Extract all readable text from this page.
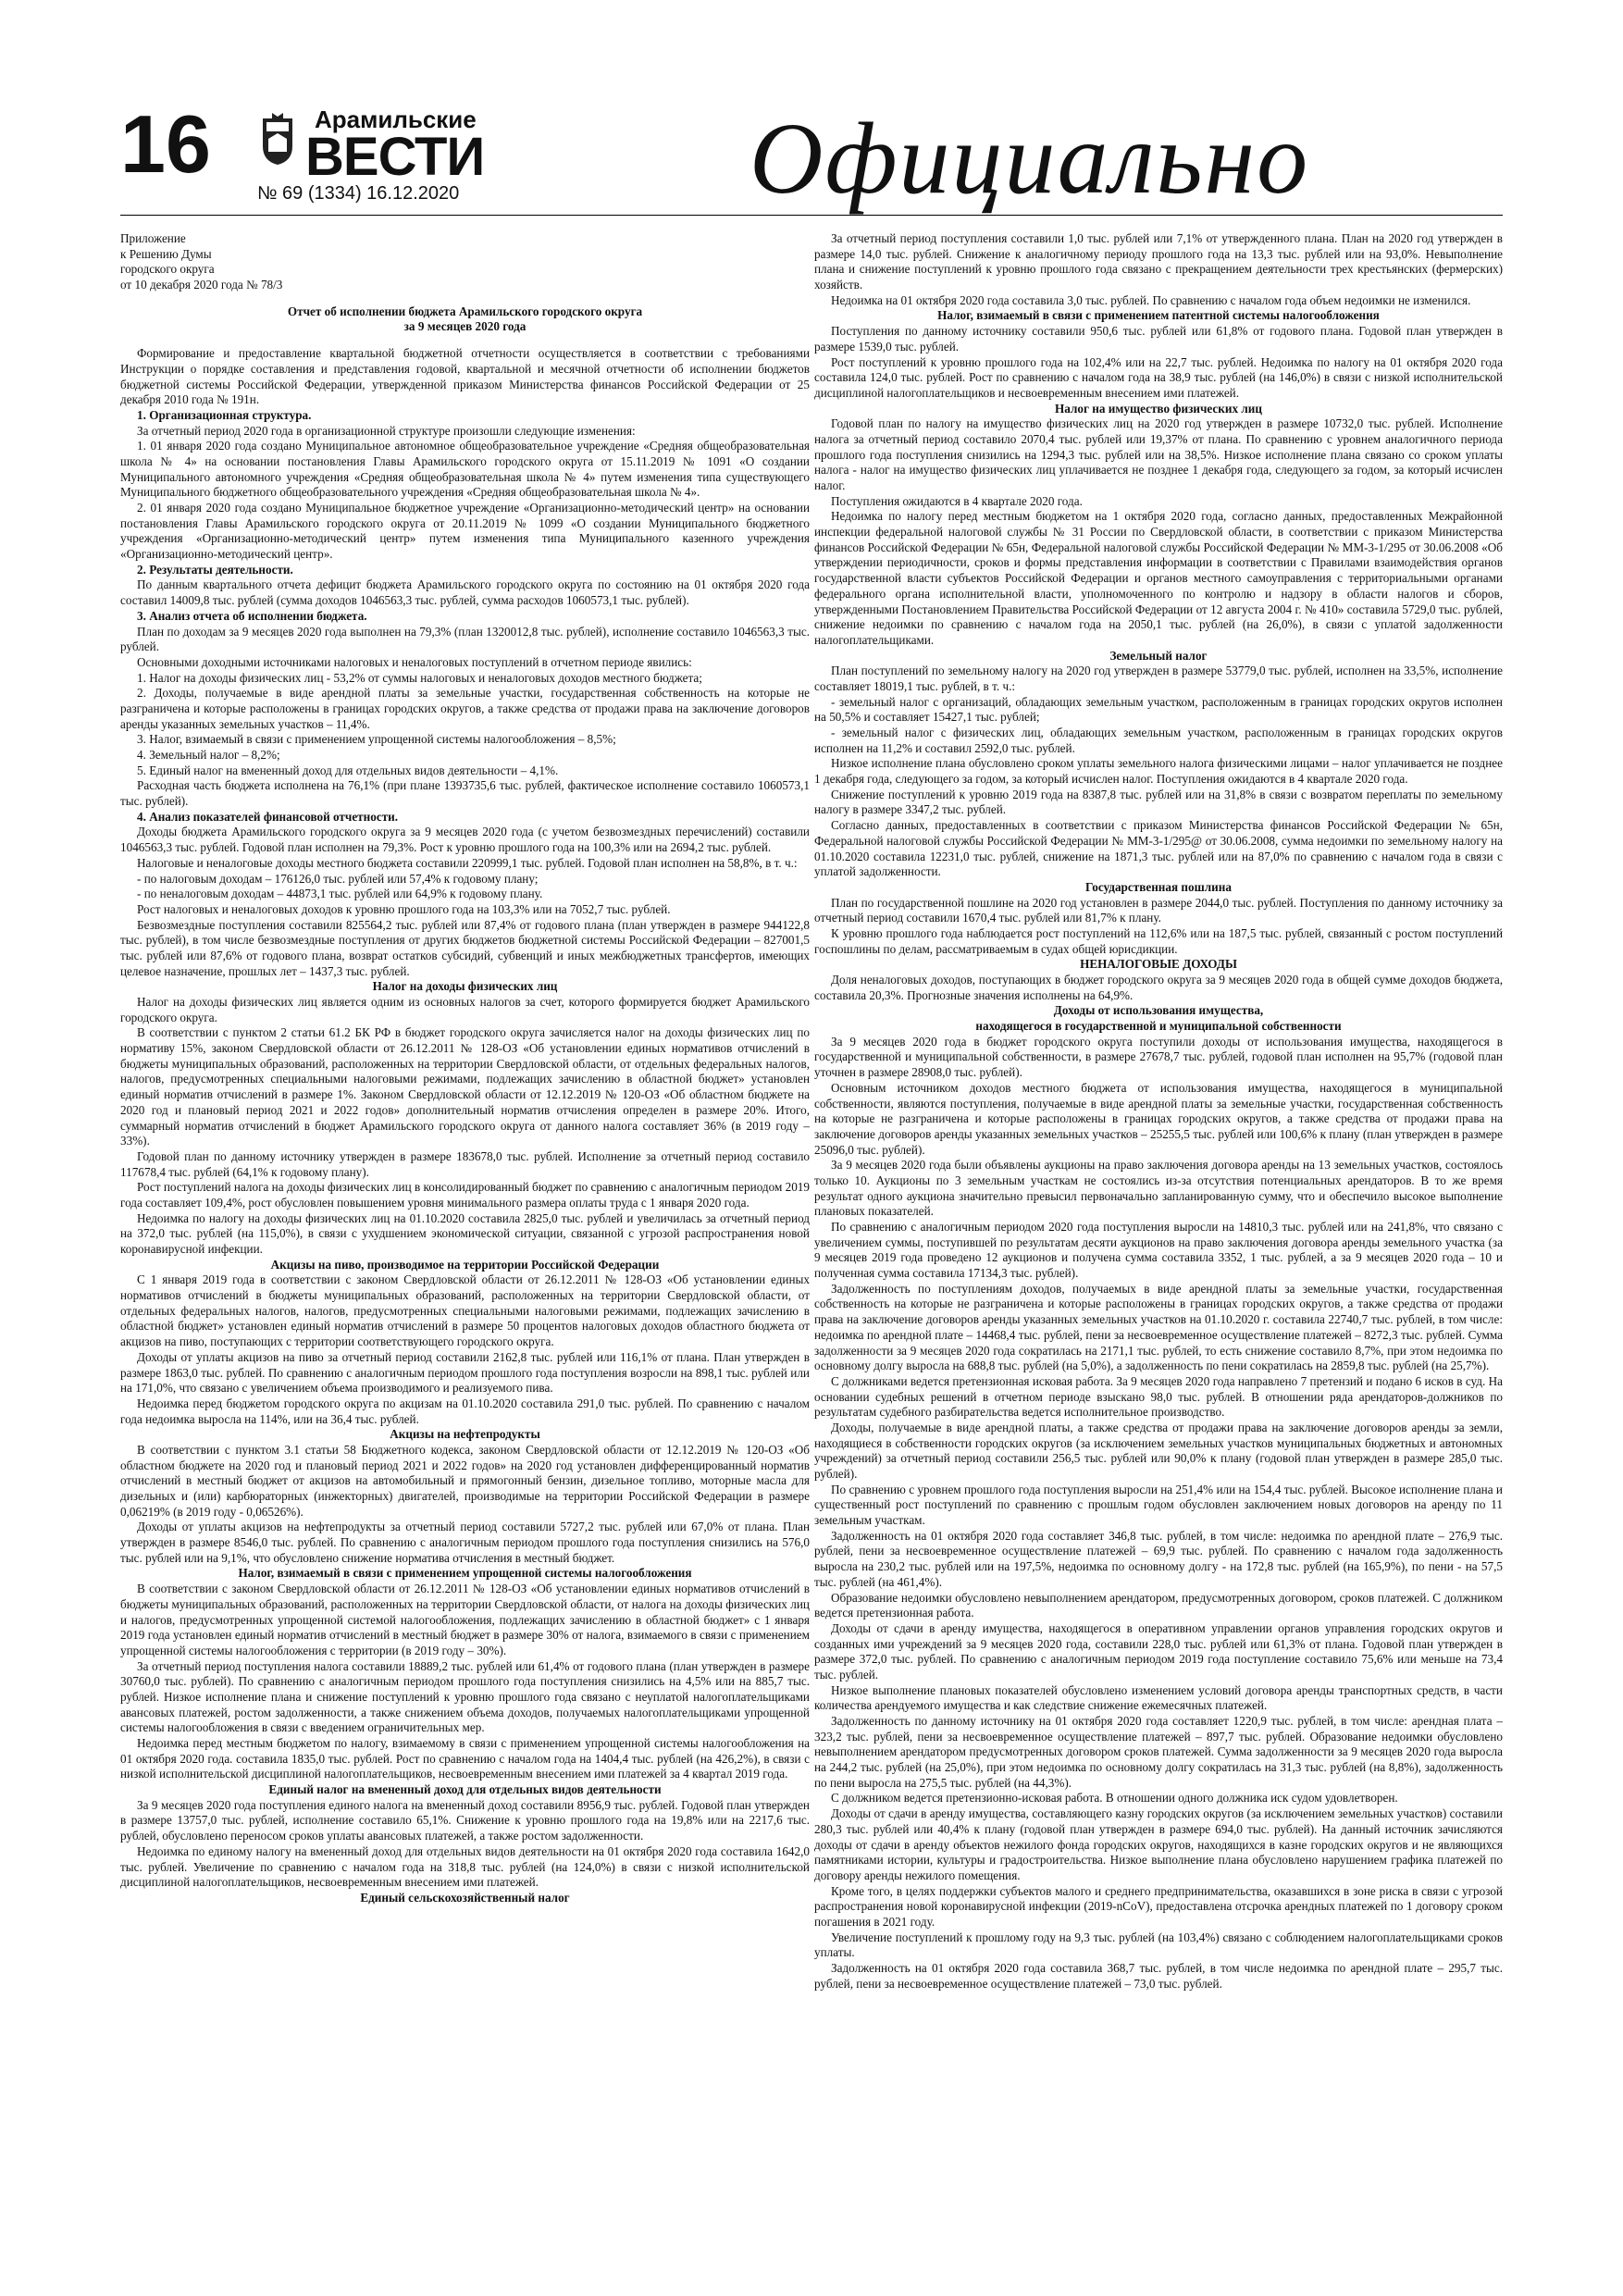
16	Арамильские
ВЕСТИ
№ 69 (1334) 16.12.2020	Официально
Приложение
к Решению Думы
городского округа
от 10 декабря 2020 года № 78/3
Отчет об исполнении бюджета Арамильского городского округа
за 9 месяцев 2020 года

Формирование и предоставление квартальной бюджетной отчетности осуществляется в соответствии с требованиями Инструкции о порядке составления и представления годовой, квартальной и месячной отчетности об исполнении бюджетов бюджетной системы Российской Федерации, утвержденной приказом Министерства финансов Российской Федерации от 25 декабря 2010 года № 191н.

1. Организационная структура.

За отчетный период 2020 года в организационной структуре произошли следующие изменения:

1. 01 января 2020 года создано Муниципальное автономное общеобразовательное учреждение «Средняя общеобразовательная школа № 4» на основании постановления Главы Арамильского городского округа от 15.11.2019 № 1091 «О создании Муниципального автономного учреждения «Средняя общеобразовательная школа № 4» путем изменения типа существующего Муниципального бюджетного общеобразовательного учреждения «Средняя общеобразовательная школа № 4».

2. 01 января 2020 года создано Муниципальное бюджетное учреждение «Организационно-методический центр» на основании постановления Главы Арамильского городского округа от 20.11.2019 № 1099 «О создании Муниципального бюджетного учреждения «Организационно-методический центр» путем изменения типа Муниципального казенного учреждения «Организационно-методический центр».

2. Результаты деятельности.

По данным квартального отчета дефицит бюджета Арамильского городского округа по состоянию на 01 октября 2020 года составил 14009,8 тыс. рублей (сумма доходов 1046563,3 тыс. рублей, сумма расходов 1060573,1 тыс. рублей).

3. Анализ отчета об исполнении бюджета.

План по доходам за 9 месяцев 2020 года выполнен на 79,3% (план 1320012,8 тыс. рублей), исполнение составило 1046563,3 тыс. рублей.

Основными доходными источниками налоговых и неналоговых поступлений в отчетном периоде явились:

1. Налог на доходы физических лиц - 53,2% от суммы налоговых и неналоговых доходов местного бюджета;

2. Доходы, получаемые в виде арендной платы за земельные участки, государственная собственность на которые не разграничена и которые расположены в границах городских округов, а также средства от продажи права на заключение договоров аренды указанных земельных участков – 11,4%.

3. Налог, взимаемый в связи с применением упрощенной системы налогообложения – 8,5%;

4. Земельный налог – 8,2%;

5. Единый налог на вмененный доход для отдельных видов деятельности – 4,1%.

Расходная часть бюджета исполнена на 76,1% (при плане 1393735,6 тыс. рублей, фактическое исполнение составило 1060573,1 тыс. рублей).

4. Анализ показателей финансовой отчетности.

Доходы бюджета Арамильского городского округа за 9 месяцев 2020 года (с учетом безвозмездных перечислений) составили 1046563,3 тыс. рублей. Годовой план исполнен на 79,3%. Рост к уровню прошлого года на 100,3% или на 2694,2 тыс. рублей.

Налоговые и неналоговые доходы местного бюджета составили 220999,1 тыс. рублей. Годовой план исполнен на 58,8%, в т. ч.:

- по налоговым доходам – 176126,0 тыс. рублей или 57,4% к годовому плану;

- по неналоговым доходам – 44873,1 тыс. рублей или 64,9% к годовому плану.

Рост налоговых и неналоговых доходов к уровню прошлого года на 103,3% или на 7052,7 тыс. рублей.

Безвозмездные поступления составили 825564,2 тыс. рублей или 87,4% от годового плана (план утвержден в размере 944122,8 тыс. рублей), в том числе безвозмездные поступления от других бюджетов бюджетной системы Российской Федерации – 827001,5 тыс. рублей или 87,6% от годового плана, возврат остатков субсидий, субвенций и иных межбюджетных трансфертов, имеющих целевое назначение, прошлых лет – 1437,3 тыс. рублей.

Налог на доходы физических лиц

Налог на доходы физических лиц является одним из основных налогов за счет, которого формируется бюджет Арамильского городского округа.

В соответствии с пунктом 2 статьи 61.2 БК РФ в бюджет городского округа зачисляется налог на доходы физических лиц по нормативу 15%, законом Свердловской области от 26.12.2011 № 128-ОЗ «Об установлении единых нормативов отчислений в бюджеты муниципальных образований, расположенных на территории Свердловской области, от отдельных федеральных налогов, налогов, предусмотренных специальными налоговыми режимами, подлежащих зачислению в областной бюджет» установлен единый норматив отчислений в размере 1%. Законом Свердловской области от 12.12.2019 № 120-ОЗ «Об областном бюджете на 2020 год и плановый период 2021 и 2022 годов» дополнительный норматив отчисления определен в размере 20%. Итого, суммарный норматив отчислений в бюджет Арамильского городского округа от данного налога составляет 36% (в 2019 году – 33%).

Годовой план по данному источнику утвержден в размере 183678,0 тыс. рублей. Исполнение за отчетный период составило 117678,4 тыс. рублей (64,1% к годовому плану).

Рост поступлений налога на доходы физических лиц в консолидированный бюджет по сравнению с аналогичным периодом 2019 года составляет 109,4%, рост обусловлен повышением уровня минимального размера оплаты труда с 1 января 2020 года.

Недоимка по налогу на доходы физических лиц на 01.10.2020 составила 2825,0 тыс. рублей и увеличилась за отчетный период на 372,0 тыс. рублей (на 115,0%), в связи с ухудшением экономической ситуации, связанной с угрозой распространения новой коронавирусной инфекции.

Акцизы на пиво, производимое на территории Российской Федерации

С 1 января 2019 года в соответствии с законом Свердловской области от 26.12.2011 № 128-ОЗ «Об установлении единых нормативов отчислений в бюджеты муниципальных образований, расположенных на территории Свердловской области, от отдельных федеральных налогов, налогов, предусмотренных специальными налоговыми режимами, подлежащих зачислению в областной бюджет» установлен единый норматив отчислений в размере 50 процентов налоговых доходов областного бюджета от акцизов на пиво, поступающих с территории соответствующего городского округа.

Доходы от уплаты акцизов на пиво за отчетный период составили 2162,8 тыс. рублей или 116,1% от плана. План утвержден в размере 1863,0 тыс. рублей. По сравнению с аналогичным периодом прошлого года поступления возросли на 898,1 тыс. рублей или на 171,0%, что связано с увеличением объема производимого и реализуемого пива.

Недоимка перед бюджетом городского округа по акцизам на 01.10.2020 составила 291,0 тыс. рублей. По сравнению с началом года недоимка выросла на 114%, или на 36,4 тыс. рублей.

Акцизы на нефтепродукты

В соответствии с пунктом 3.1 статьи 58 Бюджетного кодекса, законом Свердловской области от 12.12.2019 № 120-ОЗ «Об областном бюджете на 2020 год и плановый период 2021 и 2022 годов» на 2020 год установлен дифференцированный норматив отчислений в местный бюджет от акцизов на автомобильный и прямогонный бензин, дизельное топливо, моторные масла для дизельных и (или) карбюраторных (инжекторных) двигателей, производимые на территории Российской Федерации в размере 0,06219% (в 2019 году - 0,06526%).

Доходы от уплаты акцизов на нефтепродукты за отчетный период составили 5727,2 тыс. рублей или 67,0% от плана. План утвержден в размере 8546,0 тыс. рублей. По сравнению с аналогичным периодом прошлого года поступления снизились на 576,0 тыс. рублей или на 9,1%, что обусловлено снижение норматива отчисления в местный бюджет.

Налог, взимаемый в связи с применением упрощенной системы налогообложения

В соответствии с законом Свердловской области от 26.12.2011 № 128-ОЗ «Об установлении единых нормативов отчислений в бюджеты муниципальных образований, расположенных на территории Свердловской области, от налога на доходы физических лиц и налогов, предусмотренных упрощенной системой налогообложения, подлежащих зачислению в областной бюджет» с 1 января 2019 года установлен единый норматив отчислений в местный бюджет в размере 30% от налога, взимаемого в связи с применением упрощенной системы налогообложения с территории (в 2019 году – 30%).

За отчетный период поступления налога составили 18889,2 тыс. рублей или 61,4% от годового плана (план утвержден в размере 30760,0 тыс. рублей). По сравнению с аналогичным периодом прошлого года поступления снизились на 4,5% или на 885,7 тыс. рублей. Низкое исполнение плана и снижение поступлений к уровню прошлого года связано с неуплатой налогоплательщиками авансовых платежей, ростом задолженности, а также снижением объема доходов, получаемых налогоплательщиками упрощенной системы налогообложения в связи с введением ограничительных мер.

Недоимка перед местным бюджетом по налогу, взимаемому в связи с применением упрощенной системы налогообложения на 01 октября 2020 года. составила 1835,0 тыс. рублей. Рост по сравнению с началом года на 1404,4 тыс. рублей (на 426,2%), в связи с низкой исполнительской дисциплиной налогоплательщиков, несвоевременным внесением ими платежей за 4 квартал 2019 года.

Единый налог на вмененный доход для отдельных видов деятельности

За 9 месяцев 2020 года поступления единого налога на вмененный доход составили 8956,9 тыс. рублей. Годовой план утвержден в размере 13757,0 тыс. рублей, исполнение составило 65,1%. Снижение к уровню прошлого года на 19,8% или на 2217,6 тыс. рублей, обусловлено переносом сроков уплаты авансовых платежей, а также ростом задолженности.

Недоимка по единому налогу на вмененный доход для отдельных видов деятельности на 01 октября 2020 года составила 1642,0 тыс. рублей. Увеличение по сравнению с началом года на 318,8 тыс. рублей (на 124,0%) в связи с низкой исполнительской дисциплиной налогоплательщиков, несвоевременным внесением ими платежей.

Единый сельскохозяйственный налог

За отчетный период поступления составили 1,0 тыс. рублей или 7,1% от утвержденного плана. План на 2020 год утвержден в размере 14,0 тыс. рублей. Снижение к аналогичному периоду прошлого года на 13,3 тыс. рублей или на 93,0%. Невыполнение плана и снижение поступлений к уровню прошлого года связано с прекращением деятельности трех крестьянских (фермерских) хозяйств.

Недоимка на 01 октября 2020 года составила 3,0 тыс. рублей. По сравнению с началом года объем недоимки не изменился.

Налог, взимаемый в связи с применением патентной системы налогообложения

Поступления по данному источнику составили 950,6 тыс. рублей или 61,8% от годового плана. Годовой план утвержден в размере 1539,0 тыс. рублей.

Рост поступлений к уровню прошлого года на 102,4% или на 22,7 тыс. рублей. Недоимка по налогу на 01 октября 2020 года составила 124,0 тыс. рублей. Рост по сравнению с началом года на 38,9 тыс. рублей (на 146,0%) в связи с низкой исполнительской дисциплиной налогоплательщиков и несвоевременным внесением ими платежей.

Налог на имущество физических лиц

Годовой план по налогу на имущество физических лиц на 2020 год утвержден в размере 10732,0 тыс. рублей. Исполнение налога за отчетный период составило 2070,4 тыс. рублей или 19,37% от плана. По сравнению с уровнем аналогичного периода прошлого года поступления снизились на 1294,3 тыс. рублей или на 38,5%. Низкое исполнение плана связано со сроком уплаты налога - налог на имущество физических лиц уплачивается не позднее 1 декабря года, следующего за годом, за который исчислен налог.

Поступления ожидаются в 4 квартале 2020 года.

Недоимка по налогу перед местным бюджетом на 1 октября 2020 года, согласно данных, предоставленных Межрайонной инспекции федеральной налоговой службы № 31 России по Свердловской области, в соответствии с приказом Министерства финансов Российской Федерации № 65н, Федеральной налоговой службы Российской Федерации № ММ-3-1/295 от 30.06.2008 «Об утверждении периодичности, сроков и формы представления информации в соответствии с Правилами взаимодействия органов государственной власти субъектов Российской Федерации и органов местного самоуправления с территориальными органами федерального органа исполнительной власти, уполномоченного по контролю и надзору в области налогов и сборов, утвержденными Постановлением Правительства Российской Федерации от 12 августа 2004 г. № 410» составила 5729,0 тыс. рублей, снижение недоимки по сравнению с началом года на 2050,1 тыс. рублей (на 26,0%), в связи с уплатой задолженности налогоплательщиками.

Земельный налог

План поступлений по земельному налогу на 2020 год утвержден в размере 53779,0 тыс. рублей, исполнен на 33,5%, исполнение составляет 18019,1 тыс. рублей, в т. ч.:

- земельный налог с организаций, обладающих земельным участком, расположенным в границах городских округов исполнен на 50,5% и составляет 15427,1 тыс. рублей;

- земельный налог с физических лиц, обладающих земельным участком, расположенным в границах городских округов исполнен на 11,2% и составил 2592,0 тыс. рублей.

Низкое исполнение плана обусловлено сроком уплаты земельного налога физическими лицами – налог уплачивается не позднее 1 декабря года, следующего за годом, за который исчислен налог. Поступления ожидаются в 4 квартале 2020 года.

Снижение поступлений к уровню 2019 года на 8387,8 тыс. рублей или на 31,8% в связи с возвратом переплаты по земельному налогу в размере 3347,2 тыс. рублей.

Согласно данных, предоставленных в соответствии с приказом Министерства финансов Российской Федерации № 65н, Федеральной налоговой службы Российской Федерации № ММ-3-1/295@ от 30.06.2008, сумма недоимки по земельному налогу на 01.10.2020 составила 12231,0 тыс. рублей, снижение на 1871,3 тыс. рублей или на 87,0% по сравнению с началом года в связи с уплатой задолженности.

Государственная пошлина

План по государственной пошлине на 2020 год установлен в размере 2044,0 тыс. рублей. Поступления по данному источнику за отчетный период составили 1670,4 тыс. рублей или 81,7% к плану.

К уровню прошлого года наблюдается рост поступлений на 112,6% или на 187,5 тыс. рублей, связанный с ростом поступлений госпошлины по делам, рассматриваемым в судах общей юрисдикции.

НЕНАЛОГОВЫЕ ДОХОДЫ

Доля неналоговых доходов, поступающих в бюджет городского округа за 9 месяцев 2020 года в общей сумме доходов бюджета, составила 20,3%. Прогнозные значения исполнены на 64,9%.

Доходы от использования имущества,

находящегося в государственной и муниципальной собственности

За 9 месяцев 2020 года в бюджет городского округа поступили доходы от использования имущества, находящегося в государственной и муниципальной собственности, в размере 27678,7 тыс. рублей, годовой план исполнен на 95,7% (годовой план уточнен в размере 28908,0 тыс. рублей).

Основным источником доходов местного бюджета от использования имущества, находящегося в муниципальной собственности, являются поступления, получаемые в виде арендной платы за земельные участки, государственная собственность на которые не разграничена и которые расположены в границах городских округов, а также средства от продажи права на заключение договоров аренды указанных земельных участков – 25255,5 тыс. рублей или 100,6% к плану (план утвержден в размере 25096,0 тыс. рублей).

За 9 месяцев 2020 года были объявлены аукционы на право заключения договора аренды на 13 земельных участков, состоялось только 10. Аукционы по 3 земельным участкам не состоялись из-за отсутствия потенциальных арендаторов. В то же время результат одного аукциона значительно превысил первоначально запланированную сумму, что и обеспечило высокое выполнение плановых показателей.

По сравнению с аналогичным периодом 2020 года поступления выросли на 14810,3 тыс. рублей или на 241,8%, что связано с увеличением суммы, поступившей по результатам десяти аукционов на право заключения договора аренды земельного участка (за 9 месяцев 2019 года проведено 12 аукционов и получена сумма составила 3352, 1 тыс. рублей, а за 9 месяцев 2020 года – 10 и полученная сумма составила 17134,3 тыс. рублей).

Задолженность по поступлениям доходов, получаемых в виде арендной платы за земельные участки, государственная собственность на которые не разграничена и которые расположены в границах городских округов, а также средства от продажи права на заключение договоров аренды указанных земельных участков на 01.10.2020 г. составила 22740,7 тыс. рублей, в том числе: недоимка по арендной плате – 14468,4 тыс. рублей, пени за несвоевременное осуществление платежей – 8272,3 тыс. рублей. Сумма задолженности за 9 месяцев 2020 года сократилась на 2171,1 тыс. рублей, то есть снижение составило 8,7%, при этом недоимка по основному долгу выросла на 688,8 тыс. рублей (на 5,0%), а задолженность по пени сократилась на 2859,8 тыс. рублей (на 25,7%).

С должниками ведется претензионная исковая работа. За 9 месяцев 2020 года направлено 7 претензий и подано 6 исков в суд. На основании судебных решений в отчетном периоде взыскано 98,0 тыс. рублей. В отношении ряда арендаторов-должников по результатам судебного разбирательства ведется исполнительное производство.

Доходы, получаемые в виде арендной платы, а также средства от продажи права на заключение договоров аренды за земли, находящиеся в собственности городских округов (за исключением земельных участков муниципальных бюджетных и автономных учреждений) за отчетный период составили 256,5 тыс. рублей или 90,0% к плану (годовой план утвержден в размере 285,0 тыс. рублей).

По сравнению с уровнем прошлого года поступления выросли на 251,4% или на 154,4 тыс. рублей. Высокое исполнение плана и существенный рост поступлений по сравнению с прошлым годом обусловлен заключением новых договоров на аренду по 11 земельным участкам.

Задолженность на 01 октября 2020 года составляет 346,8 тыс. рублей, в том числе: недоимка по арендной плате – 276,9 тыс. рублей, пени за несвоевременное осуществление платежей – 69,9 тыс. рублей. По сравнению с началом года задолженность выросла на 230,2 тыс. рублей или на 197,5%, недоимка по основному долгу - на 172,8 тыс. рублей (на 165,9%), по пени - на 57,5 тыс. рублей (на 461,4%).

Образование недоимки обусловлено невыполнением арендатором, предусмотренных договором, сроков платежей. С должником ведется претензионная работа.

Доходы от сдачи в аренду имущества, находящегося в оперативном управлении органов управления городских округов и созданных ими учреждений за 9 месяцев 2020 года, составили 228,0 тыс. рублей или 61,3% от плана. Годовой план утвержден в размере 372,0 тыс. рублей. По сравнению с аналогичным периодом 2019 года поступление составило 75,6% или меньше на 73,4 тыс. рублей.

Низкое выполнение плановых показателей обусловлено изменением условий договора аренды транспортных средств, в части количества арендуемого имущества и как следствие снижение ежемесячных платежей.

Задолженность по данному источнику на 01 октября 2020 года составляет 1220,9 тыс. рублей, в том числе: арендная плата – 323,2 тыс. рублей, пени за несвоевременное осуществление платежей – 897,7 тыс. рублей. Образование недоимки обусловлено невыполнением арендатором предусмотренных договором сроков платежей. Сумма задолженности за 9 месяцев 2020 года выросла на 244,2 тыс. рублей (на 25,0%), при этом недоимка по основному долгу сократилась на 31,3 тыс. рублей (на 8,8%), задолженность по пени выросла на 275,5 тыс. рублей (на 44,3%).

С должником ведется претензионно-исковая работа. В отношении одного должника иск судом удовлетворен.

Доходы от сдачи в аренду имущества, составляющего казну городских округов (за исключением земельных участков) составили 280,3 тыс. рублей или 40,4% к плану (годовой план утвержден в размере 694,0 тыс. рублей). На данный источник зачисляются доходы от сдачи в аренду объектов нежилого фонда городских округов, находящихся в казне городских округов и не являющихся памятниками истории, культуры и градостроительства. Низкое выполнение плана обусловлено нарушением графика платежей по договору аренды нежилого помещения.

Кроме того, в целях поддержки субъектов малого и среднего предпринимательства, оказавшихся в зоне риска в связи с угрозой распространения новой коронавирусной инфекции (2019-nCoV), предоставлена отсрочка арендных платежей по 1 договору сроком погашения в 2021 году.

Увеличение поступлений к прошлому году на 9,3 тыс. рублей (на 103,4%) связано с соблюдением налогоплательщиками сроков уплаты.

Задолженность на 01 октября 2020 года составила 368,7 тыс. рублей, в том числе недоимка по арендной плате – 295,7 тыс. рублей, пени за несвоевременное осуществление платежей – 73,0 тыс. рублей.
